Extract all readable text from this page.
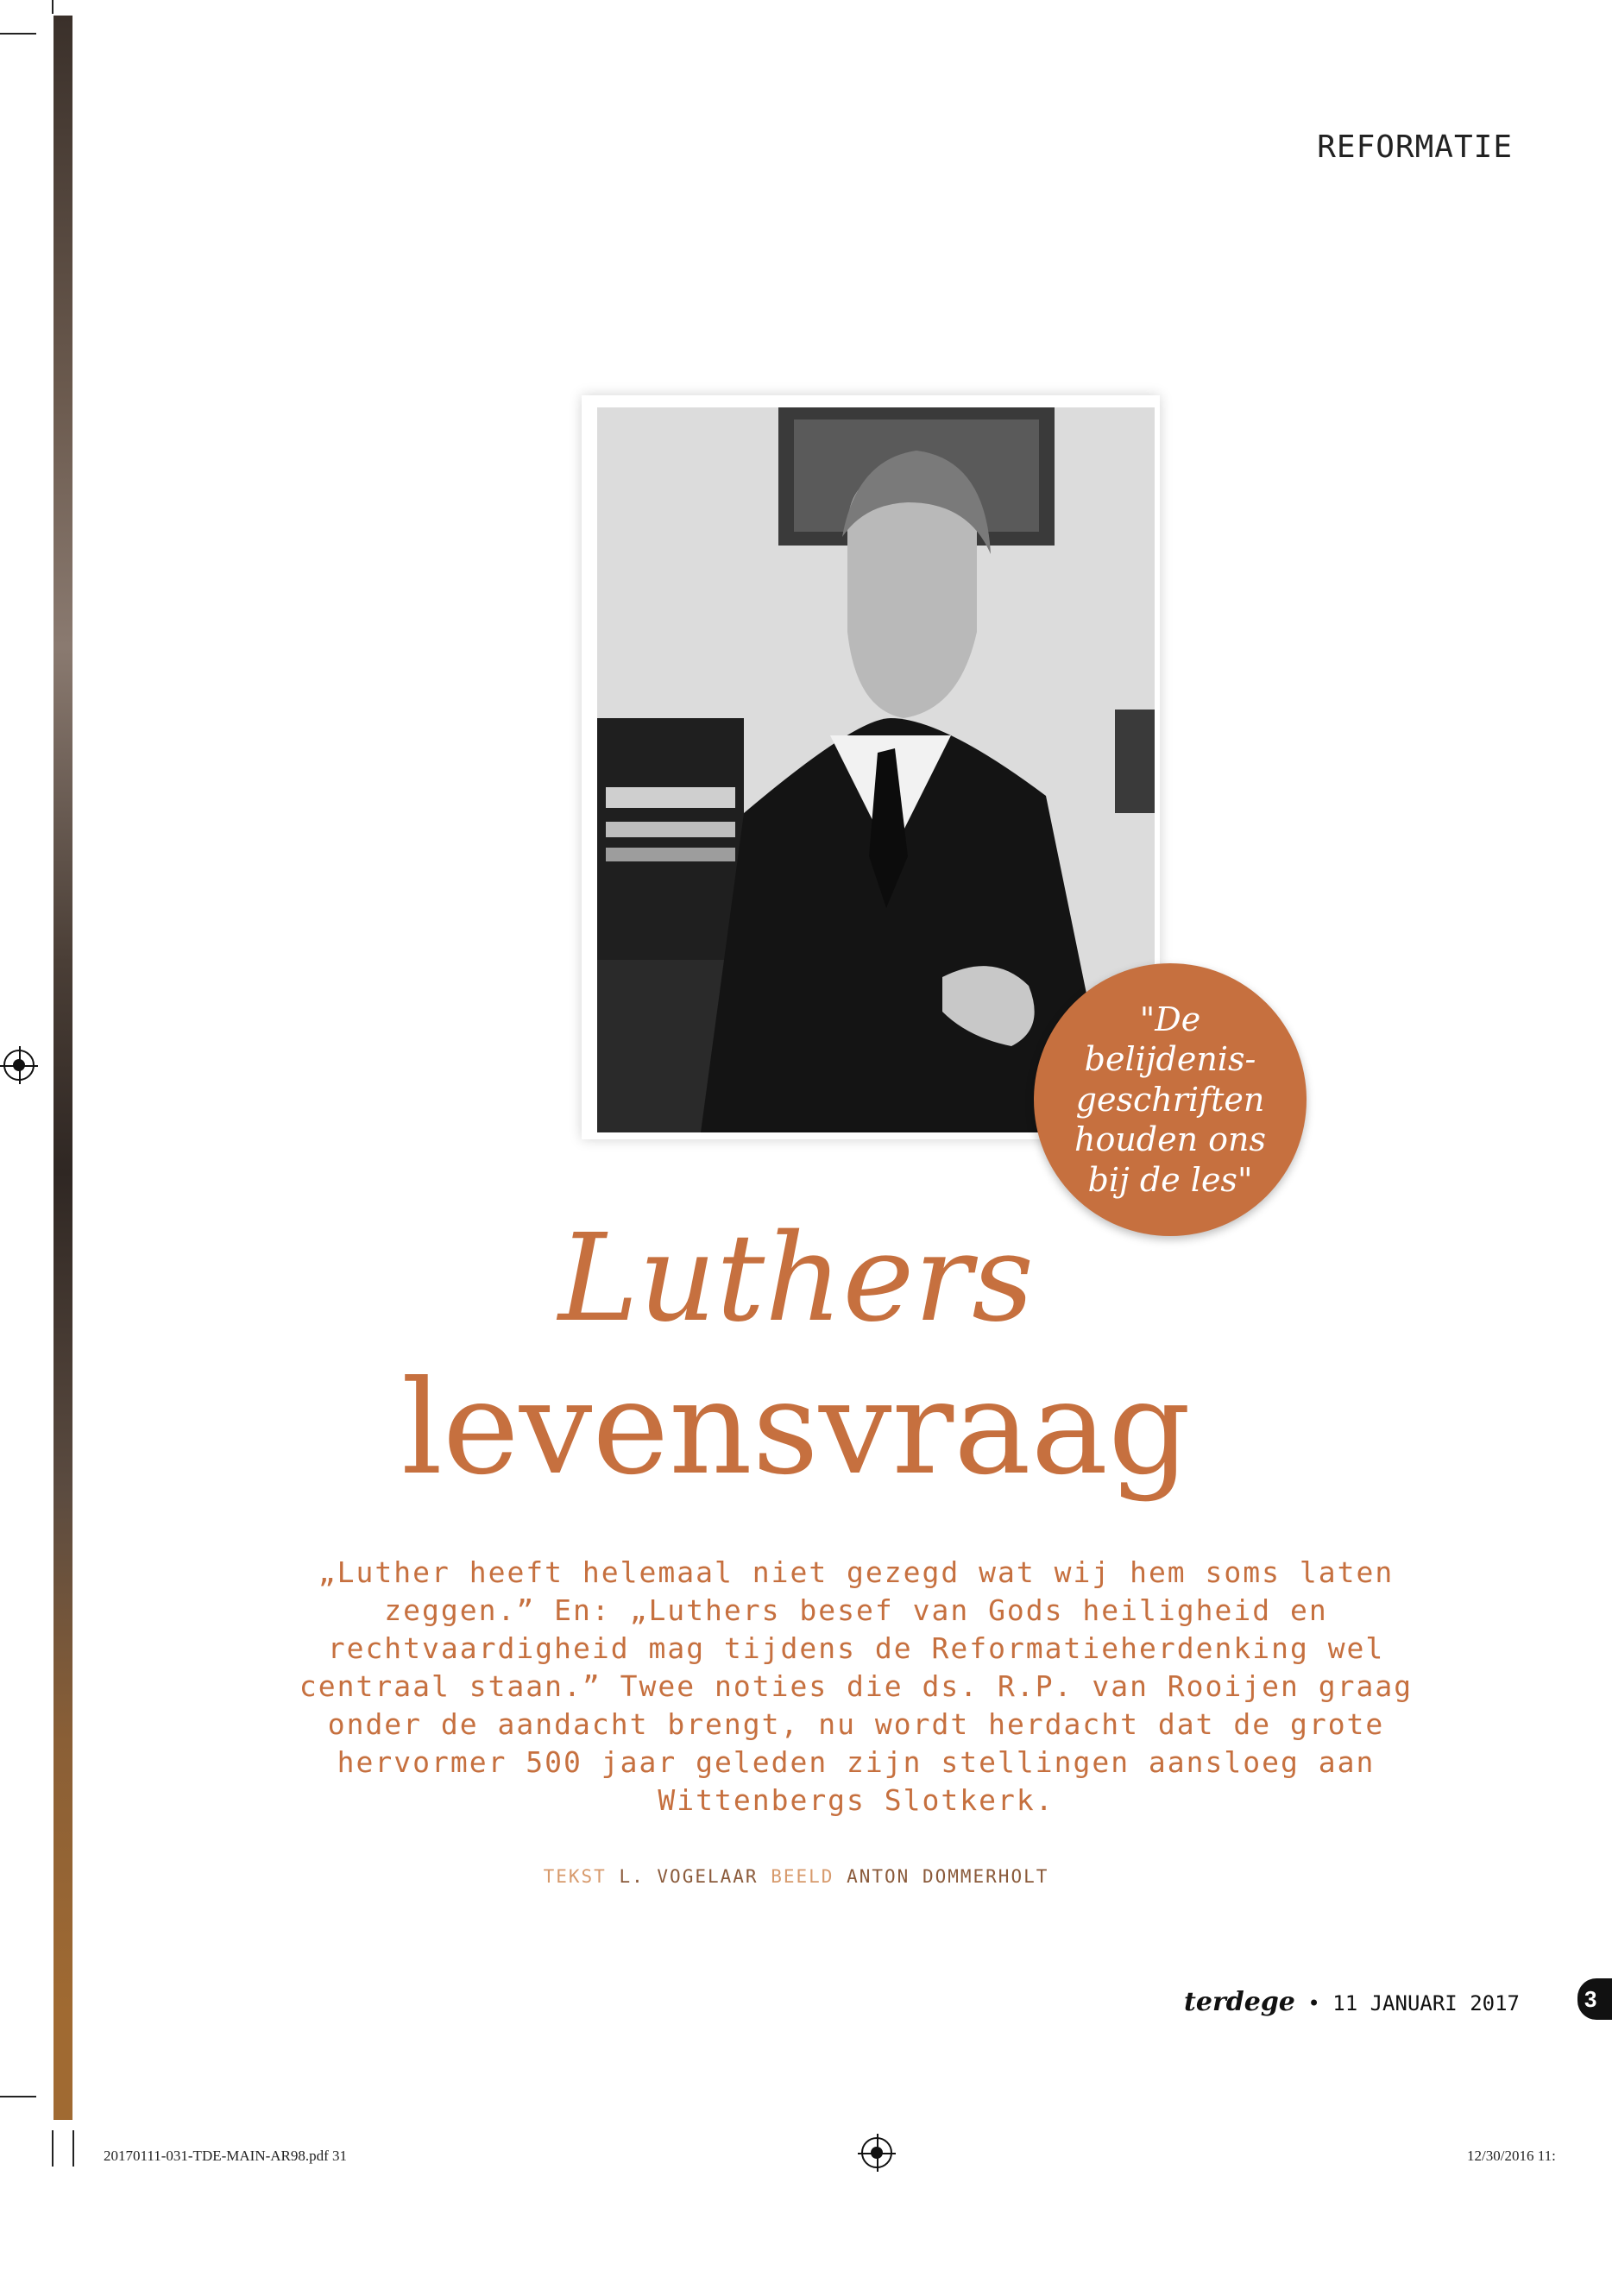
REFORMATIE
"De belijdenis-geschriften houden ons bij de les"
Luthers
levensvraag
„Luther heeft helemaal niet gezegd wat wij hem soms laten zeggen.” En: „Luthers besef van Gods heiligheid en rechtvaardigheid mag tijdens de Reformatieherdenking wel centraal staan.” Twee noties die ds. R.P. van Rooijen graag onder de aandacht brengt, nu wordt herdacht dat de grote hervormer 500 jaar geleden zijn stellingen aansloeg aan Wittenbergs Slotkerk.
TEKST L. VOGELAAR BEELD ANTON DOMMERHOLT
terdege • 11 JANUARI 2017	3
20170111-031-TDE-MAIN-AR98.pdf 31	12/30/2016 11:
